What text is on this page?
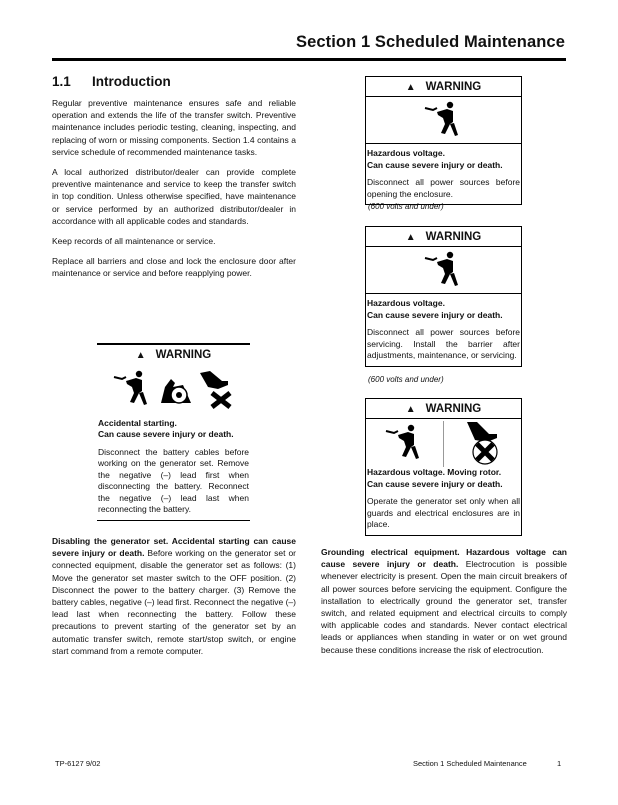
Section 1 Scheduled Maintenance
1.1 Introduction

Regular preventive maintenance ensures safe and reliable operation and extends the life of the transfer switch. Preventive maintenance includes periodic testing, cleaning, inspecting, and replacing of worn or missing components. Section 1.4 contains a service schedule of recommended maintenance tasks.

A local authorized distributor/dealer can provide complete preventive maintenance and service to keep the transfer switch in top condition. Unless otherwise specified, have maintenance or service performed by an authorized distributor/dealer in accordance with all applicable codes and standards.

Keep records of all maintenance or service.

Replace all barriers and close and lock the enclosure door after maintenance or service and before reapplying power.

▲ WARNING
Accidental starting.
Can cause severe injury or death.
Disconnect the battery cables before working on the generator set. Remove the negative (–) lead first when disconnecting the battery. Reconnect the negative (–) lead last when reconnecting the battery.
Disabling the generator set. Accidental starting can cause severe injury or death. Before working on the generator set or connected equipment, disable the generator set as follows: (1) Move the generator set master switch to the OFF position. (2) Disconnect the power to the battery charger. (3) Remove the battery cables, negative (–) lead first. Reconnect the negative (–) lead last when reconnecting the battery. Follow these precautions to prevent starting of the generator set by an automatic transfer switch, remote start/stop switch, or engine start command from a remote computer.
▲ WARNING
Hazardous voltage.
Can cause severe injury or death.
Disconnect all power sources before opening the enclosure.
(600 volts and under)
▲ WARNING
Hazardous voltage.
Can cause severe injury or death.
Disconnect all power sources before servicing. Install the barrier after adjustments, maintenance, or servicing.
(600 volts and under)
▲ WARNING
Hazardous voltage. Moving rotor.
Can cause severe injury or death.
Operate the generator set only when all guards and electrical enclosures are in place.
Grounding electrical equipment. Hazardous voltage can cause severe injury or death. Electrocution is possible whenever electricity is present. Open the main circuit breakers of all power sources before servicing the equipment. Configure the installation to electrically ground the generator set, transfer switch, and related equipment and electrical circuits to comply with applicable codes and standards. Never contact electrical leads or appliances when standing in water or on wet ground because these conditions increase the risk of electrocution.
TP-6127 9/02	Section 1 Scheduled Maintenance	1
